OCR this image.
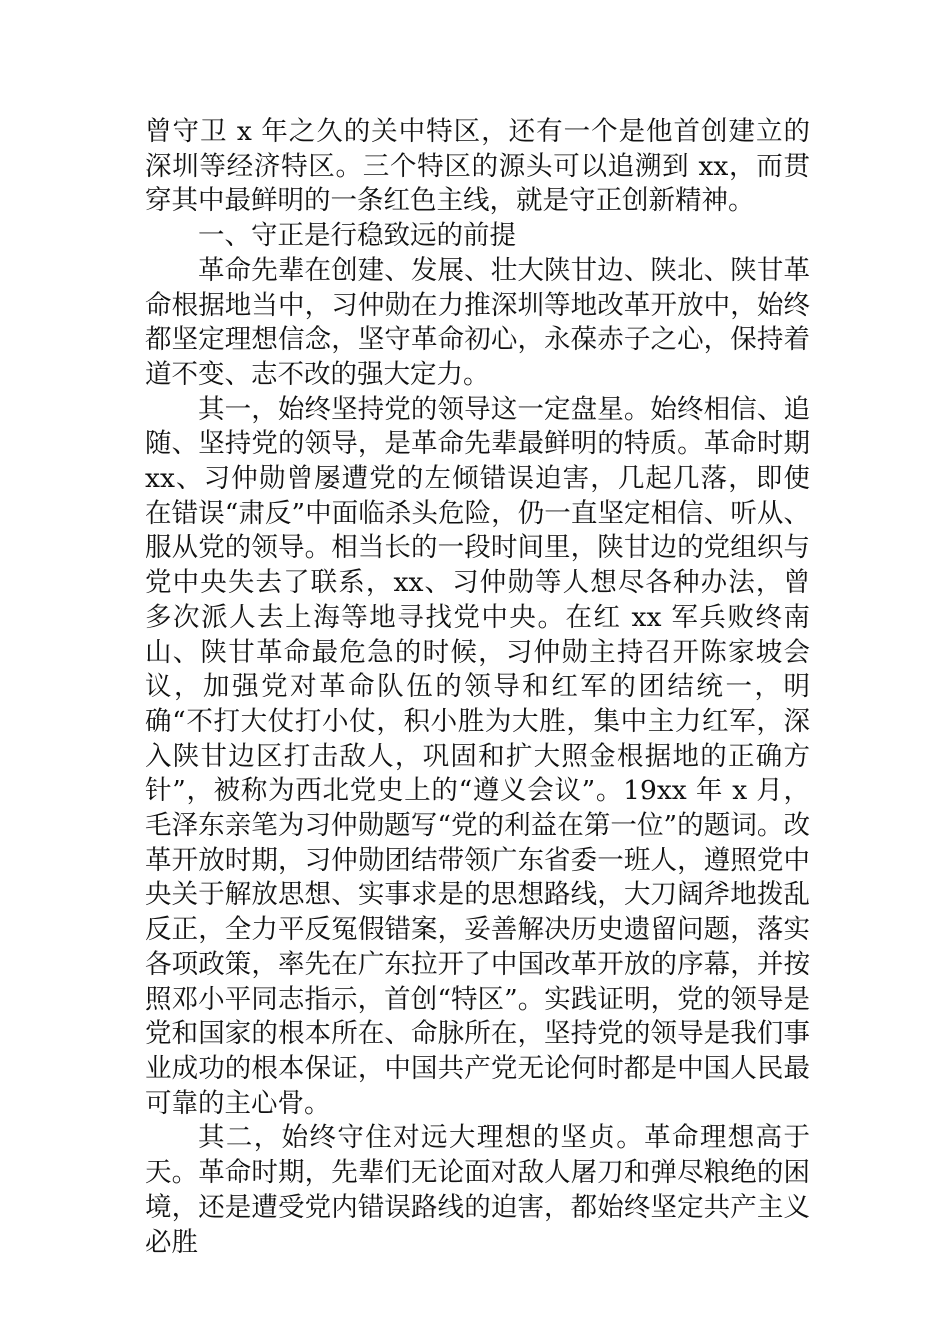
曾守卫 x 年之久的关中特区，还有一个是他首创建立的深圳等经济特区。三个特区的源头可以追溯到 xx，而贯穿其中最鲜明的一条红色主线，就是守正创新精神。

一、守正是行稳致远的前提

革命先辈在创建、发展、壮大陕甘边、陕北、陕甘革命根据地当中，习仲勋在力推深圳等地改革开放中，始终都坚定理想信念，坚守革命初心，永葆赤子之心，保持着道不变、志不改的强大定力。

其一，始终坚持党的领导这一定盘星。始终相信、追随、坚持党的领导，是革命先辈最鲜明的特质。革命时期xx、习仲勋曾屡遭党的左倾错误迫害，几起几落，即使在错误“肃反”中面临杀头危险，仍一直坚定相信、听从、服从党的领导。相当长的一段时间里，陕甘边的党组织与党中央失去了联系，xx、习仲勋等人想尽各种办法，曾多次派人去上海等地寻找党中央。在红 xx 军兵败终南山、陕甘革命最危急的时候，习仲勋主持召开陈家坡会议，加强党对革命队伍的领导和红军的团结统一，明确“不打大仗打小仗，积小胜为大胜，集中主力红军，深入陕甘边区打击敌人，巩固和扩大照金根据地的正确方针”，被称为西北党史上的“遵义会议”。19xx 年 x 月，毛泽东亲笔为习仲勋题写“党的利益在第一位”的题词。改革开放时期，习仲勋团结带领广东省委一班人，遵照党中央关于解放思想、实事求是的思想路线，大刀阔斧地拨乱反正，全力平反冤假错案，妥善解决历史遗留问题，落实各项政策，率先在广东拉开了中国改革开放的序幕，并按照邓小平同志指示，首创“特区”。实践证明，党的领导是党和国家的根本所在、命脉所在，坚持党的领导是我们事业成功的根本保证，中国共产党无论何时都是中国人民最可靠的主心骨。

其二，始终守住对远大理想的坚贞。革命理想高于天。革命时期，先辈们无论面对敌人屠刀和弹尽粮绝的困境，还是遭受党内错误路线的迫害，都始终坚定共产主义必胜
